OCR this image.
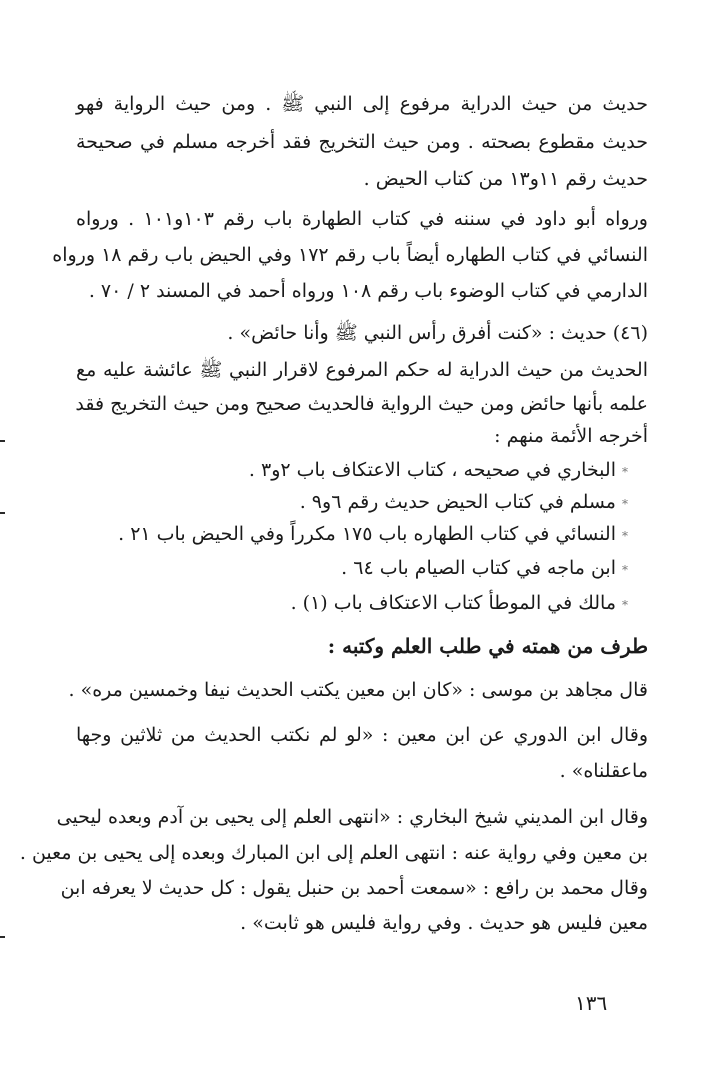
حديث من حيث الدراية مرفوع إلى النبي ﷺ . ومن حيث الرواية فهو
حديث مقطوع بصحته . ومن حيث التخريج فقد أخرجه مسلم في صحيحة
حديث رقم ١١و١٣ من كتاب الحيض .
ورواه أبو داود في سننه في كتاب الطهارة باب رقم ١٠٣و١٠١ . ورواه
النسائي في كتاب الطهاره أيضاً باب رقم ١٧٢ وفي الحيض باب رقم ١٨ ورواه
الدارمي في كتاب الوضوء باب رقم ١٠٨ ورواه أحمد في المسند ٢ / ٧٠ .
(٤٦) حديث : «كنت أفرق رأس النبي ﷺ وأنا حائض» .
الحديث من حيث الدراية له حكم المرفوع لاقرار النبي ﷺ عائشة عليه مع
علمه بأنها حائض ومن حيث الرواية فالحديث صحيح ومن حيث التخريج فقد
أخرجه الأئمة منهم :
*البخاري في صحيحه ، كتاب الاعتكاف باب ٢و٣ .
*مسلم في كتاب الحيض حديث رقم ٦و٩ .
*النسائي في كتاب الطهاره باب ١٧٥ مكرراً وفي الحيض باب ٢١ .
*ابن ماجه في كتاب الصيام باب ٦٤ .
*مالك في الموطأ كتاب الاعتكاف باب (١) .
طرف من همته في طلب العلم وكتبه :
قال مجاهد بن موسى : «كان ابن معين يكتب الحديث نيفا وخمسين مره» .
وقال ابن الدوري عن ابن معين : «لو لم نكتب الحديث من ثلاثين وجها
ماعقلناه» .
وقال ابن المديني شيخ البخاري : «انتهى العلم إلى يحيى بن آدم وبعده ليحيى
بن معين وفي رواية عنه : انتهى العلم إلى ابن المبارك وبعده إلى يحيى بن معين .
وقال محمد بن رافع : «سمعت أحمد بن حنبل يقول : كل حديث لا يعرفه ابن
معين فليس هو حديث . وفي رواية فليس هو ثابت» .
١٣٦
